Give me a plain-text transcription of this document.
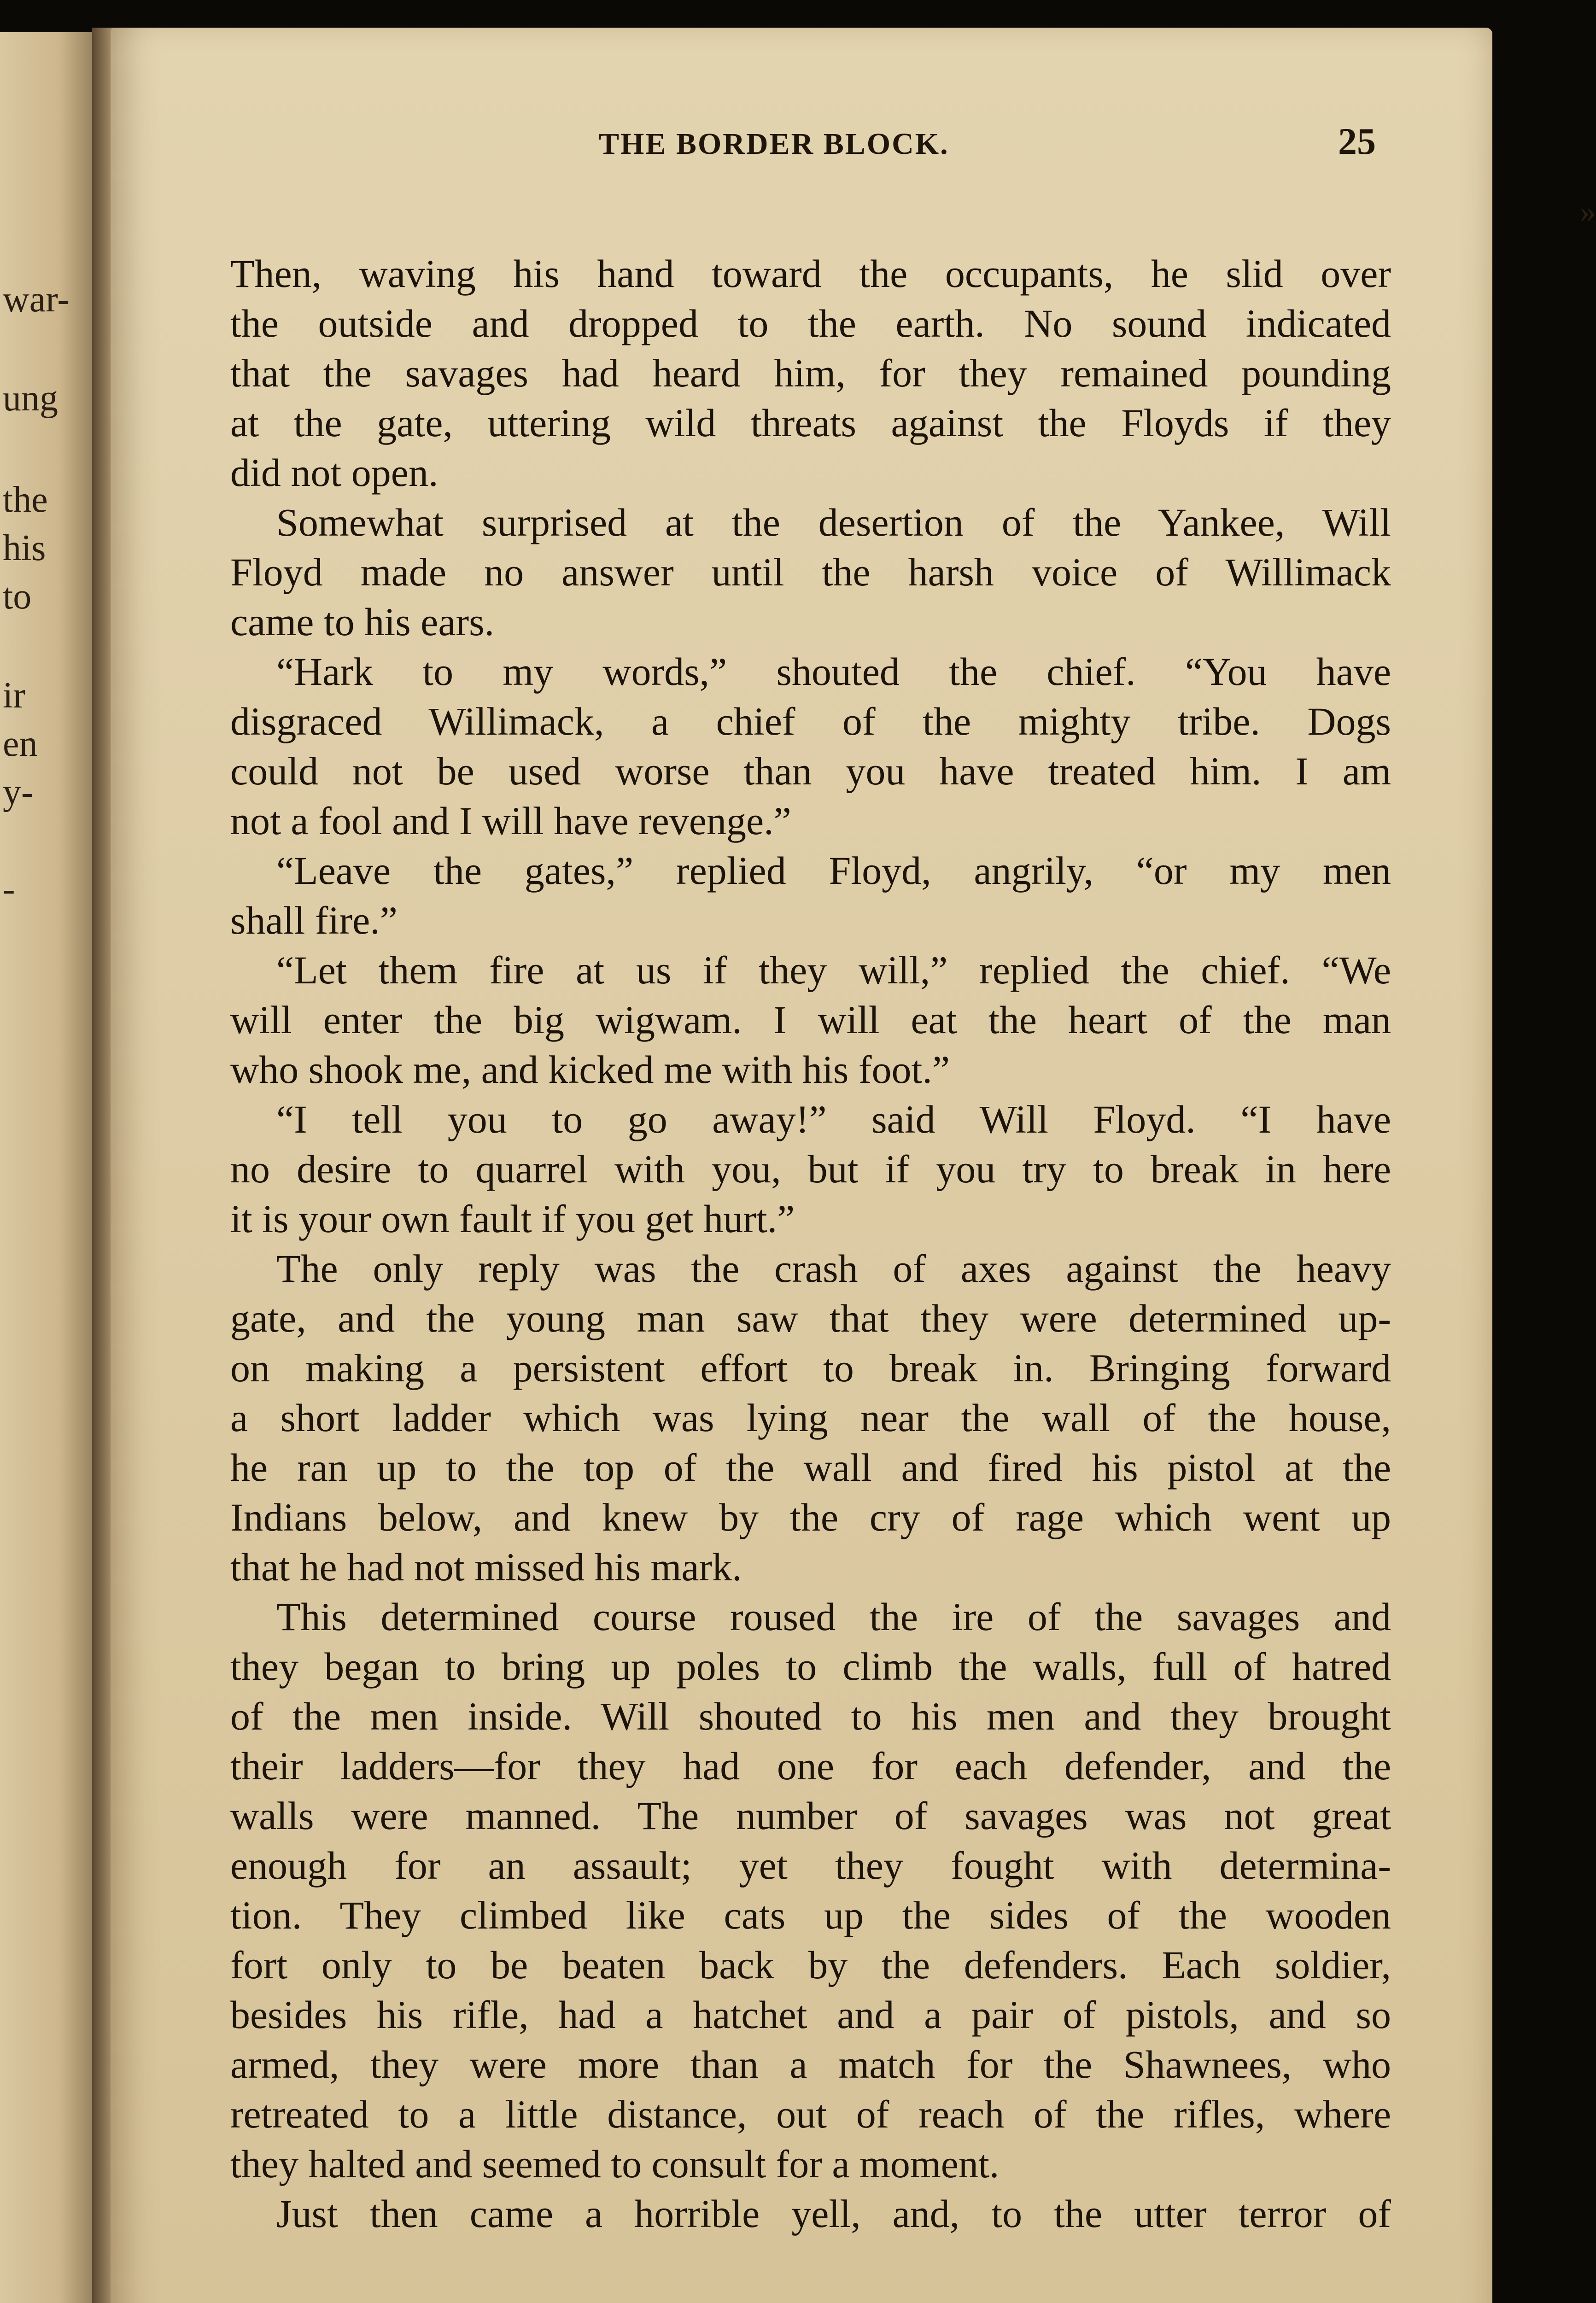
war-
ung
the
his
to
ir
en
y-
-
THE BORDER BLOCK.	25
»
Then, waving his hand toward the occupants, he slid over
the outside and dropped to the earth. No sound indicated
that the savages had heard him, for they remained pounding
at the gate, uttering wild threats against the Floyds if they
did not open.
Somewhat surprised at the desertion of the Yankee, Will
Floyd made no answer until the harsh voice of Willimack
came to his ears.
“Hark to my words,” shouted the chief. “You have
disgraced Willimack, a chief of the mighty tribe. Dogs
could not be used worse than you have treated him. I am
not a fool and I will have revenge.”
“Leave the gates,” replied Floyd, angrily, “or my men
shall fire.”
“Let them fire at us if they will,” replied the chief. “We
will enter the big wigwam. I will eat the heart of the man
who shook me, and kicked me with his foot.”
“I tell you to go away!” said Will Floyd. “I have
no desire to quarrel with you, but if you try to break in here
it is your own fault if you get hurt.”
The only reply was the crash of axes against the heavy
gate, and the young man saw that they were determined up-
on making a persistent effort to break in. Bringing forward
a short ladder which was lying near the wall of the house,
he ran up to the top of the wall and fired his pistol at the
Indians below, and knew by the cry of rage which went up
that he had not missed his mark.
This determined course roused the ire of the savages and
they began to bring up poles to climb the walls, full of hatred
of the men inside. Will shouted to his men and they brought
their ladders—for they had one for each defender, and the
walls were manned. The number of savages was not great
enough for an assault; yet they fought with determina-
tion. They climbed like cats up the sides of the wooden
fort only to be beaten back by the defenders. Each soldier,
besides his rifle, had a hatchet and a pair of pistols, and so
armed, they were more than a match for the Shawnees, who
retreated to a little distance, out of reach of the rifles, where
they halted and seemed to consult for a moment.
Just then came a horrible yell, and, to the utter terror of
